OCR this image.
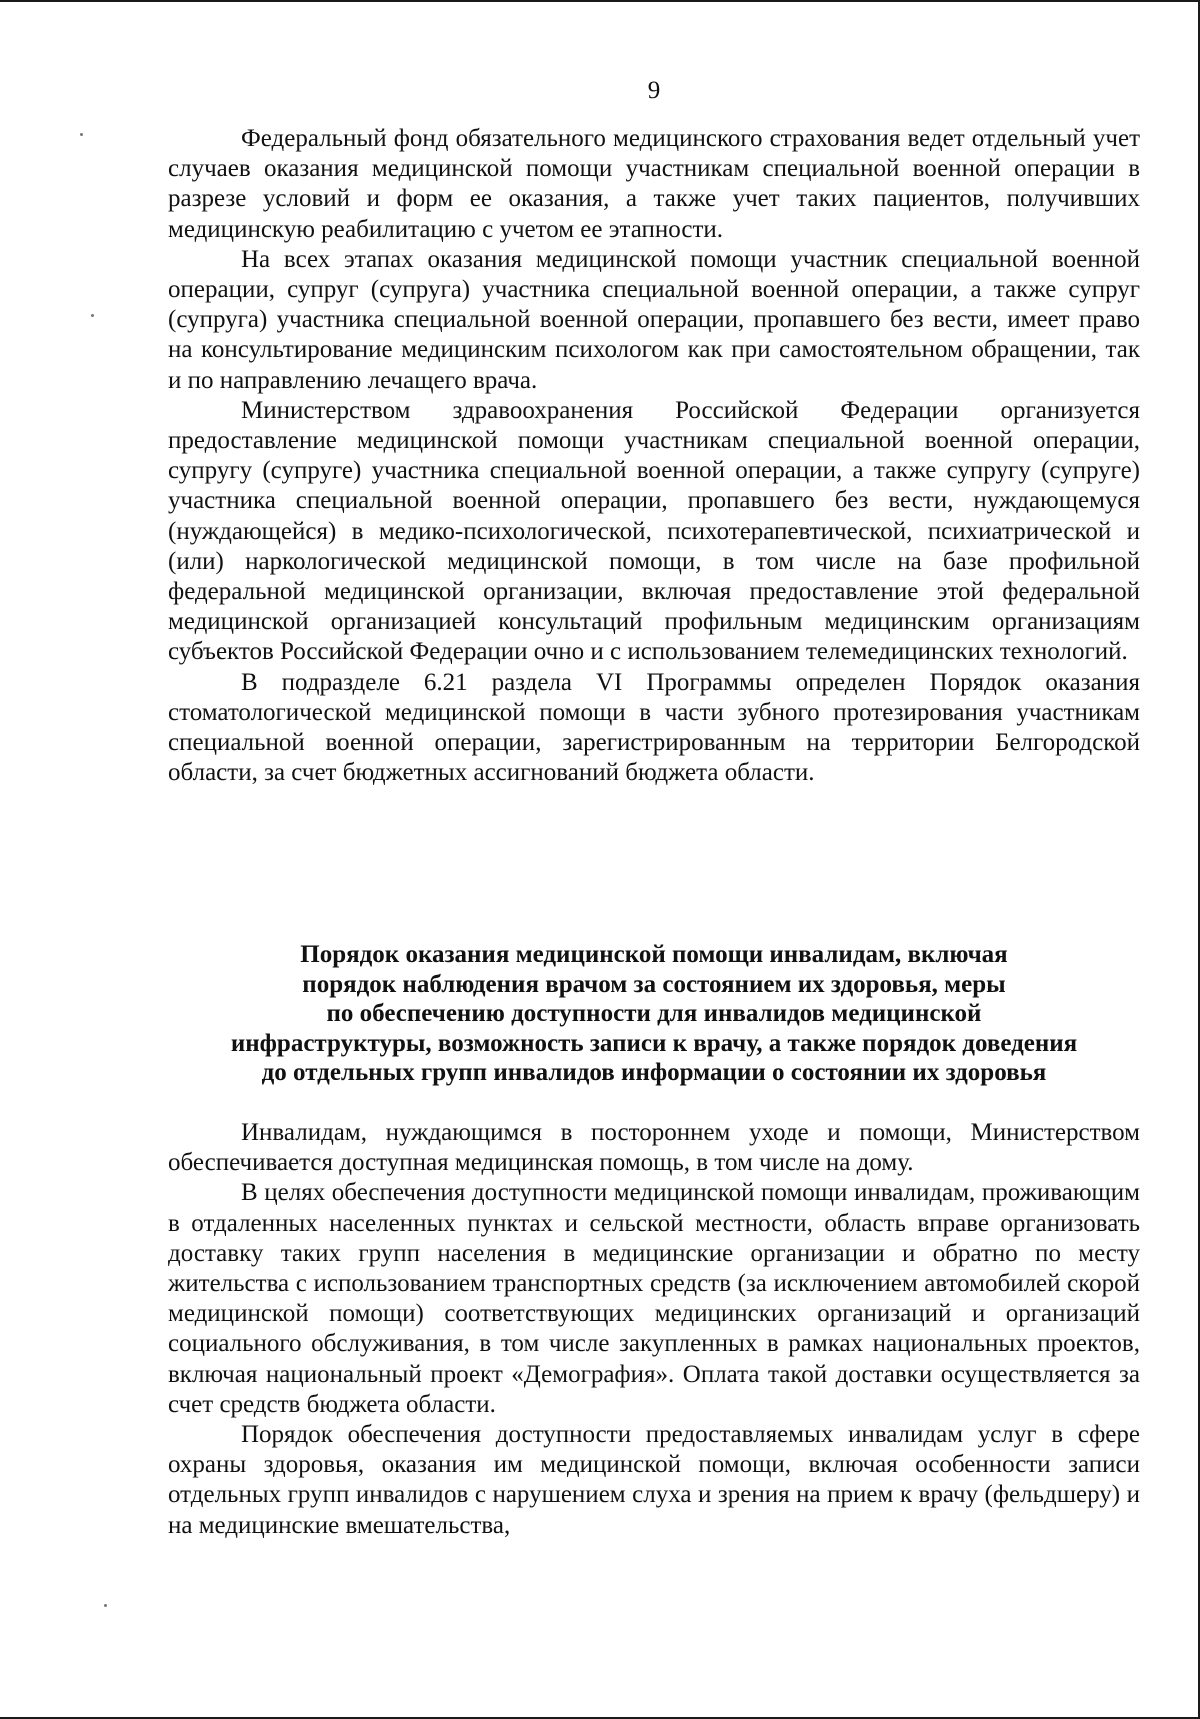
9

Федеральный фонд обязательного медицинского страхования ведет отдельный учет случаев оказания медицинской помощи участникам специальной военной операции в разрезе условий и форм ее оказания, а также учет таких пациентов, получивших медицинскую реабилитацию с учетом ее этапности.

На всех этапах оказания медицинской помощи участник специальной военной операции, супруг (супруга) участника специальной военной операции, а также супруг (супруга) участника специальной военной операции, пропавшего без вести, имеет право на консультирование медицинским психологом как при самостоятельном обращении, так и по направлению лечащего врача.

Министерством здравоохранения Российской Федерации организуется предоставление медицинской помощи участникам специальной военной операции, супругу (супруге) участника специальной военной операции, а также супругу (супруге) участника специальной военной операции, пропавшего без вести, нуждающемуся (нуждающейся) в медико-психологической, психотерапевтической, психиатрической и (или) наркологической медицинской помощи, в том числе на базе профильной федеральной медицинской организации, включая предоставление этой федеральной медицинской организацией консультаций профильным медицинским организациям субъектов Российской Федерации очно и с использованием телемедицинских технологий.

В подразделе 6.21 раздела VI Программы определен Порядок оказания стоматологической медицинской помощи в части зубного протезирования участникам специальной военной операции, зарегистрированным на территории Белгородской области, за счет бюджетных ассигнований бюджета области.

Порядок оказания медицинской помощи инвалидам, включая
порядок наблюдения врачом за состоянием их здоровья, меры
по обеспечению доступности для инвалидов медицинской
инфраструктуры, возможность записи к врачу, а также порядок доведения
до отдельных групп инвалидов информации о состоянии их здоровья

Инвалидам, нуждающимся в постороннем уходе и помощи, Министерством обеспечивается доступная медицинская помощь, в том числе на дому.

В целях обеспечения доступности медицинской помощи инвалидам, проживающим в отдаленных населенных пунктах и сельской местности, область вправе организовать доставку таких групп населения в медицинские организации и обратно по месту жительства с использованием транспортных средств (за исключением автомобилей скорой медицинской помощи) соответствующих медицинских организаций и организаций социального обслуживания, в том числе закупленных в рамках национальных проектов, включая национальный проект «Демография». Оплата такой доставки осуществляется за счет средств бюджета области.

Порядок обеспечения доступности предоставляемых инвалидам услуг в сфере охраны здоровья, оказания им медицинской помощи, включая особенности записи отдельных групп инвалидов с нарушением слуха и зрения на прием к врачу (фельдшеру) и на медицинские вмешательства,
